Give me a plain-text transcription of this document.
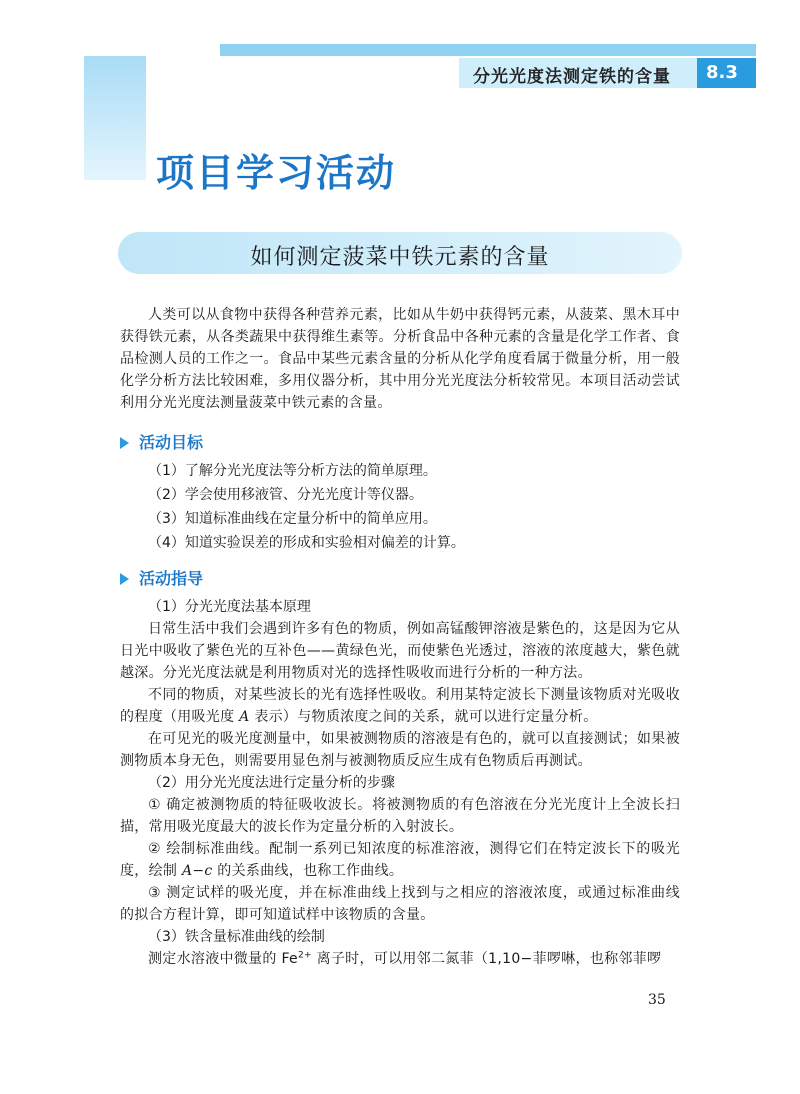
分光光度法测定铁的含量 8.3
项目学习活动
如何测定菠菜中铁元素的含量

人类可以从食物中获得各种营养元素，比如从牛奶中获得钙元素，从菠菜、黑木耳中获得铁元素，从各类蔬果中获得维生素等。分析食品中各种元素的含量是化学工作者、食品检测人员的工作之一。食品中某些元素含量的分析从化学角度看属于微量分析，用一般化学分析方法比较困难，多用仪器分析，其中用分光光度法分析较常见。本项目活动尝试利用分光光度法测量菠菜中铁元素的含量。

活动目标

（1）了解分光光度法等分析方法的简单原理。

（2）学会使用移液管、分光光度计等仪器。

（3）知道标准曲线在定量分析中的简单应用。

（4）知道实验误差的形成和实验相对偏差的计算。

活动指导

（1）分光光度法基本原理

日常生活中我们会遇到许多有色的物质，例如高锰酸钾溶液是紫色的，这是因为它从日光中吸收了紫色光的互补色——黄绿色光，而使紫色光透过，溶液的浓度越大，紫色就越深。分光光度法就是利用物质对光的选择性吸收而进行分析的一种方法。

不同的物质，对某些波长的光有选择性吸收。利用某特定波长下测量该物质对光吸收的程度（用吸光度 A 表示）与物质浓度之间的关系，就可以进行定量分析。

在可见光的吸光度测量中，如果被测物质的溶液是有色的，就可以直接测试；如果被测物质本身无色，则需要用显色剂与被测物质反应生成有色物质后再测试。

（2）用分光光度法进行定量分析的步骤

① 确定被测物质的特征吸收波长。将被测物质的有色溶液在分光光度计上全波长扫描，常用吸光度最大的波长作为定量分析的入射波长。

② 绘制标准曲线。配制一系列已知浓度的标准溶液，测得它们在特定波长下的吸光度，绘制 A−c 的关系曲线，也称工作曲线。

③ 测定试样的吸光度，并在标准曲线上找到与之相应的溶液浓度，或通过标准曲线的拟合方程计算，即可知道试样中该物质的含量。

（3）铁含量标准曲线的绘制

测定水溶液中微量的 $Fe^{2+}$ 离子时，可以用邻二氮菲（1,10−菲啰啉，也称邻菲啰

35
